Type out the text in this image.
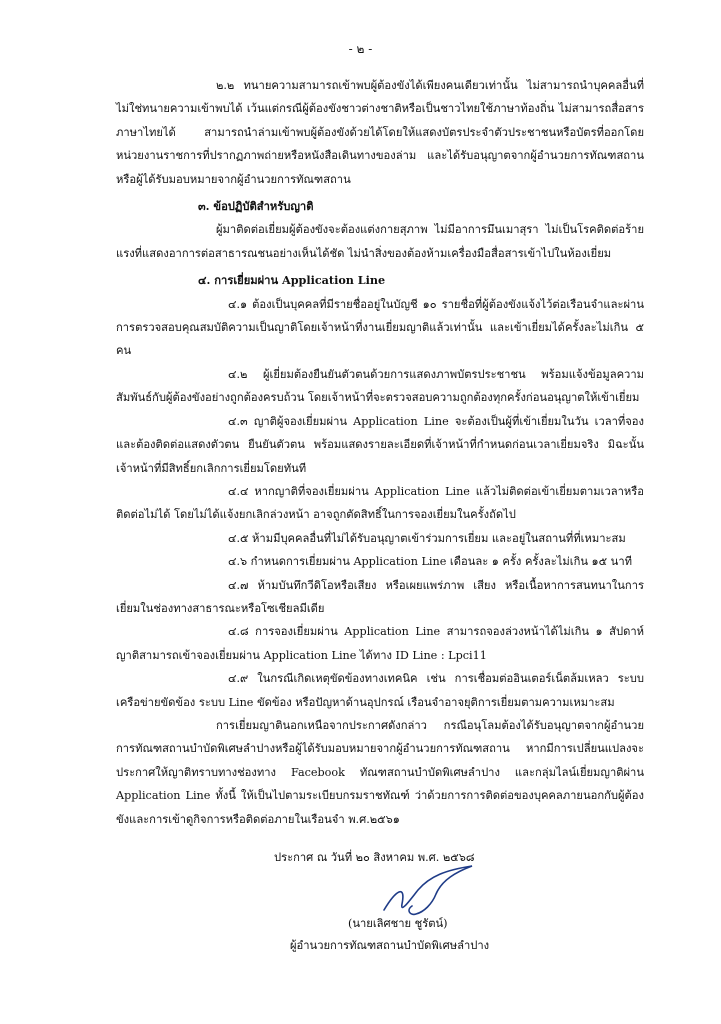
- ๒ -

๒.๒ ทนายความสามารถเข้าพบผู้ต้องขังได้เพียงคนเดียวเท่านั้น ไม่สามารถนำบุคคลอื่นที่ไม่ใช่ทนายความเข้าพบได้ เว้นแต่กรณีผู้ต้องขังชาวต่างชาติหรือเป็นชาวไทยใช้ภาษาท้องถิ่น ไม่สามารถสื่อสารภาษาไทยได้ สามารถนำล่ามเข้าพบผู้ต้องขังด้วยได้โดยให้แสดงบัตรประจำตัวประชาชนหรือบัตรที่ออกโดยหน่วยงานราชการที่ปรากฏภาพถ่ายหรือหนังสือเดินทางของล่าม และได้รับอนุญาตจากผู้อำนวยการทัณฑสถานหรือผู้ได้รับมอบหมายจากผู้อำนวยการทัณฑสถาน

๓. ข้อปฏิบัติสำหรับญาติ

ผู้มาติดต่อเยี่ยมผู้ต้องขังจะต้องแต่งกายสุภาพ ไม่มีอาการมึนเมาสุรา ไม่เป็นโรคติดต่อร้ายแรงที่แสดงอาการต่อสาธารณชนอย่างเห็นได้ชัด ไม่นำสิ่งของต้องห้ามเครื่องมือสื่อสารเข้าไปในห้องเยี่ยม

๔. การเยี่ยมผ่าน Application Line

๔.๑ ต้องเป็นบุคคลที่มีรายชื่ออยู่ในบัญชี ๑๐ รายชื่อที่ผู้ต้องขังแจ้งไว้ต่อเรือนจำและผ่านการตรวจสอบคุณสมบัติความเป็นญาติโดยเจ้าหน้าที่งานเยี่ยมญาติแล้วเท่านั้น และเข้าเยี่ยมได้ครั้งละไม่เกิน ๕ คน

๔.๒ ผู้เยี่ยมต้องยืนยันตัวตนด้วยการแสดงภาพบัตรประชาชน พร้อมแจ้งข้อมูลความสัมพันธ์กับผู้ต้องขังอย่างถูกต้องครบถ้วน โดยเจ้าหน้าที่จะตรวจสอบความถูกต้องทุกครั้งก่อนอนุญาตให้เข้าเยี่ยม

๔.๓ ญาติผู้จองเยี่ยมผ่าน Application Line จะต้องเป็นผู้ที่เข้าเยี่ยมในวัน เวลาที่จองและต้องติดต่อแสดงตัวตน ยืนยันตัวตน พร้อมแสดงรายละเอียดที่เจ้าหน้าที่กำหนดก่อนเวลาเยี่ยมจริง มิฉะนั้นเจ้าหน้าที่มีสิทธิ์ยกเลิกการเยี่ยมโดยทันที

๔.๔ หากญาติที่จองเยี่ยมผ่าน Application Line แล้วไม่ติดต่อเข้าเยี่ยมตามเวลาหรือติดต่อไม่ได้ โดยไม่ได้แจ้งยกเลิกล่วงหน้า อาจถูกตัดสิทธิ์ในการจองเยี่ยมในครั้งถัดไป

๔.๕ ห้ามมีบุคคลอื่นที่ไม่ได้รับอนุญาตเข้าร่วมการเยี่ยม และอยู่ในสถานที่ที่เหมาะสม

๔.๖ กำหนดการเยี่ยมผ่าน Application Line เดือนละ ๑ ครั้ง ครั้งละไม่เกิน ๑๕ นาที

๔.๗ ห้ามบันทึกวีดิโอหรือเสียง หรือเผยแพร่ภาพ เสียง หรือเนื้อหาการสนทนาในการเยี่ยมในช่องทางสาธารณะหรือโซเชียลมีเดีย

๔.๘ การจองเยี่ยมผ่าน Application Line สามารถจองล่วงหน้าได้ไม่เกิน ๑ สัปดาห์ ญาติสามารถเข้าจองเยี่ยมผ่าน Application Line ได้ทาง ID Line : Lpci11

๔.๙ ในกรณีเกิดเหตุขัดข้องทางเทคนิค เช่น การเชื่อมต่ออินเตอร์เน็ตล้มเหลว ระบบเครือข่ายขัดข้อง ระบบ Line ขัดข้อง หรือปัญหาด้านอุปกรณ์ เรือนจำอาจยุติการเยี่ยมตามความเหมาะสม

การเยี่ยมญาตินอกเหนือจากประกาศดังกล่าว กรณีอนุโลมต้องได้รับอนุญาตจากผู้อำนวยการทัณฑสถานบำบัดพิเศษลำปางหรือผู้ได้รับมอบหมายจากผู้อำนวยการทัณฑสถาน หากมีการเปลี่ยนแปลงจะประกาศให้ญาติทราบทางช่องทาง Facebook ทัณฑสถานบำบัดพิเศษลำปาง และกลุ่มไลน์เยี่ยมญาติผ่าน Application Line ทั้งนี้ ให้เป็นไปตามระเบียบกรมราชทัณฑ์ ว่าด้วยการการติดต่อของบุคคลภายนอกกับผู้ต้องขังและการเข้าดูกิจการหรือติดต่อภายในเรือนจำ พ.ศ.๒๕๖๑

ประกาศ ณ วันที่ ๒๐ สิงหาคม พ.ศ. ๒๕๖๘
(นายเลิศชาย ชูรัตน์)
ผู้อำนวยการทัณฑสถานบำบัดพิเศษลำปาง
